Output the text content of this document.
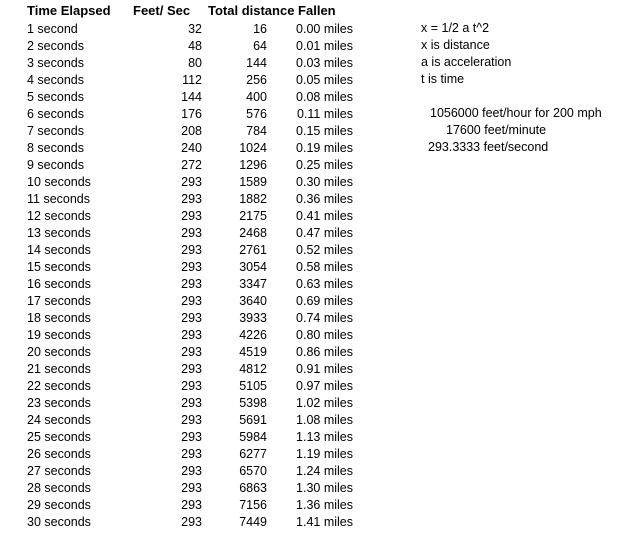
Time Elapsed Feet/ Sec Total distance Fallen
1 second	32	16 0.00 miles
2 seconds	48	64 0.01 miles
3 seconds	80	144 0.03 miles
4 seconds	112	256 0.05 miles
5 seconds	144	400 0.08 miles
6 seconds	176	576 0.11 miles
7 seconds	208	784 0.15 miles
8 seconds	240	1024 0.19 miles
9 seconds	272	1296 0.25 miles
10 seconds	293	1589 0.30 miles
11 seconds	293	1882 0.36 miles
12 seconds	293	2175 0.41 miles
13 seconds	293	2468 0.47 miles
14 seconds	293	2761 0.52 miles
15 seconds	293	3054 0.58 miles
16 seconds	293	3347 0.63 miles
17 seconds	293	3640 0.69 miles
18 seconds	293	3933 0.74 miles
19 seconds	293	4226 0.80 miles
20 seconds	293	4519 0.86 miles
21 seconds	293	4812 0.91 miles
22 seconds	293	5105 0.97 miles
23 seconds	293	5398 1.02 miles
24 seconds	293	5691 1.08 miles
25 seconds	293	5984 1.13 miles
26 seconds	293	6277 1.19 miles
27 seconds	293	6570 1.24 miles
28 seconds	293	6863 1.30 miles
29 seconds	293	7156 1.36 miles
30 seconds	293	7449 1.41 miles
x = 1/2 a t^2
x is distance
a is acceleration
t is time
1056000 feet/hour for 200 mph
17600 feet/minute
293.3333 feet/second
